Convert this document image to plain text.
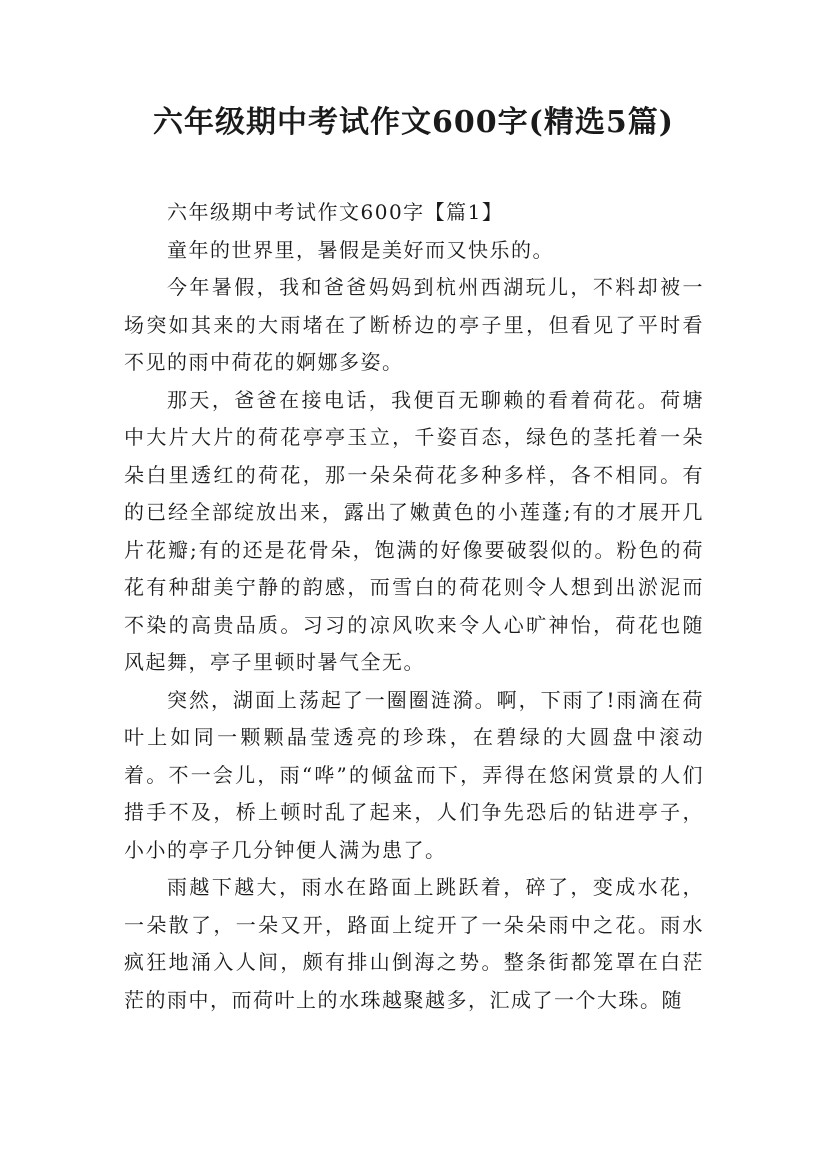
六年级期中考试作文600字(精选5篇)

六年级期中考试作文600字【篇1】

童年的世界里，暑假是美好而又快乐的。

今年暑假，我和爸爸妈妈到杭州西湖玩儿，不料却被一场突如其来的大雨堵在了断桥边的亭子里，但看见了平时看不见的雨中荷花的婀娜多姿。

那天，爸爸在接电话，我便百无聊赖的看着荷花。荷塘中大片大片的荷花亭亭玉立，千姿百态，绿色的茎托着一朵朵白里透红的荷花，那一朵朵荷花多种多样，各不相同。有的已经全部绽放出来，露出了嫩黄色的小莲蓬;有的才展开几片花瓣;有的还是花骨朵，饱满的好像要破裂似的。粉色的荷花有种甜美宁静的韵感，而雪白的荷花则令人想到出淤泥而不染的高贵品质。习习的凉风吹来令人心旷神怡，荷花也随风起舞，亭子里顿时暑气全无。

突然，湖面上荡起了一圈圈涟漪。啊，下雨了!雨滴在荷叶上如同一颗颗晶莹透亮的珍珠，在碧绿的大圆盘中滚动着。不一会儿，雨“哗”的倾盆而下，弄得在悠闲赏景的人们措手不及，桥上顿时乱了起来，人们争先恐后的钻进亭子，小小的亭子几分钟便人满为患了。

雨越下越大，雨水在路面上跳跃着，碎了，变成水花，一朵散了，一朵又开，路面上绽开了一朵朵雨中之花。雨水疯狂地涌入人间，颇有排山倒海之势。整条街都笼罩在白茫茫的雨中，而荷叶上的水珠越聚越多，汇成了一个大珠。随
